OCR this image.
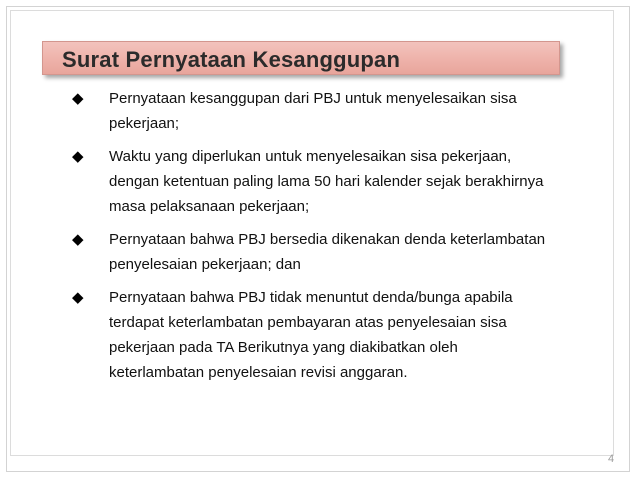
Surat Pernyataan Kesanggupan
◆ Pernyataan kesanggupan dari PBJ untuk menyelesaikan sisa pekerjaan;
◆ Waktu yang diperlukan untuk menyelesaikan sisa pekerjaan, dengan ketentuan paling lama 50 hari kalender sejak berakhirnya masa pelaksanaan pekerjaan;
◆ Pernyataan bahwa PBJ bersedia dikenakan denda keterlambatan penyelesaian pekerjaan; dan
◆ Pernyataan bahwa PBJ tidak menuntut denda/bunga apabila terdapat keterlambatan pembayaran atas penyelesaian sisa pekerjaan pada TA Berikutnya yang diakibatkan oleh keterlambatan penyelesaian revisi anggaran.
4
